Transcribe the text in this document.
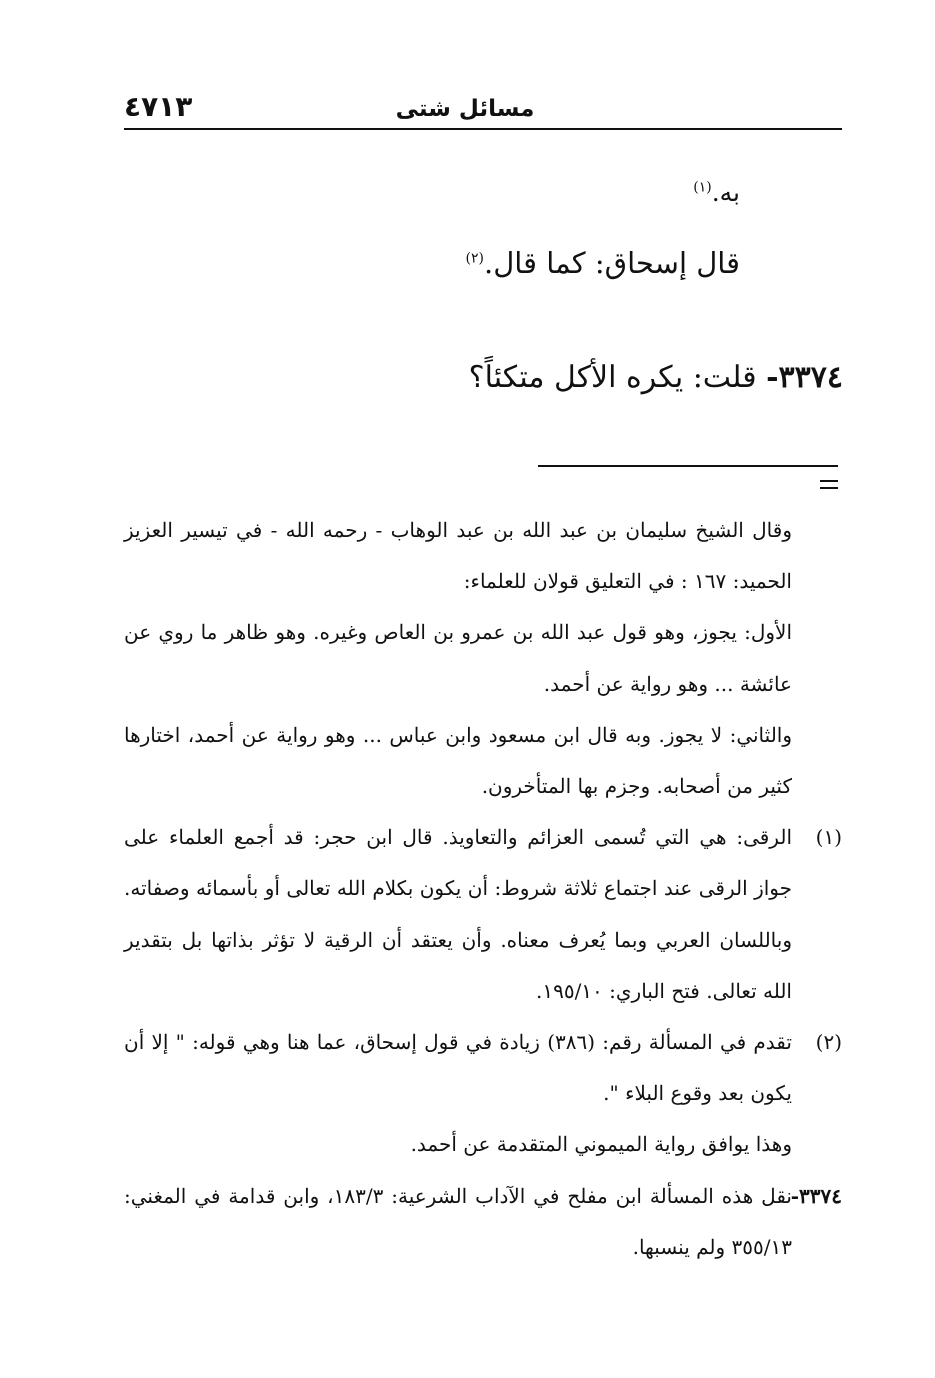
مسائل شتى
٤٧١٣

به.$^{(١)}$

قال إسحاق: كما قال.$^{(٢)}$

٣٣٧٤- قلت: يكره الأكل متكئاً؟

وقال الشيخ سليمان بن عبد الله بن عبد الوهاب - رحمه الله - في تيسير العزيز الحميد: ١٦٧ : في التعليق قولان للعلماء:

الأول: يجوز، وهو قول عبد الله بن عمرو بن العاص وغيره. وهو ظاهر ما روي عن عائشة ... وهو رواية عن أحمد.

والثاني: لا يجوز. وبه قال ابن مسعود وابن عباس ... وهو رواية عن أحمد، اختارها كثير من أصحابه. وجزم بها المتأخرون.

(١)الرقى: هي التي تُسمى العزائم والتعاويذ. قال ابن حجر: قد أجمع العلماء على جواز الرقى عند اجتماع ثلاثة شروط: أن يكون بكلام الله تعالى أو بأسمائه وصفاته. وباللسان العربي وبما يُعرف معناه. وأن يعتقد أن الرقية لا تؤثر بذاتها بل بتقدير الله تعالى. فتح الباري: ١٩٥/١٠.

(٢)تقدم في المسألة رقم: (٣٨٦) زيادة في قول إسحاق، عما هنا وهي قوله: " إلا أن يكون بعد وقوع البلاء ".

وهذا يوافق رواية الميموني المتقدمة عن أحمد.

٣٣٧٤-نقل هذه المسألة ابن مفلح في الآداب الشرعية: ١٨٣/٣، وابن قدامة في المغني: ٣٥٥/١٣ ولم ينسبها.
